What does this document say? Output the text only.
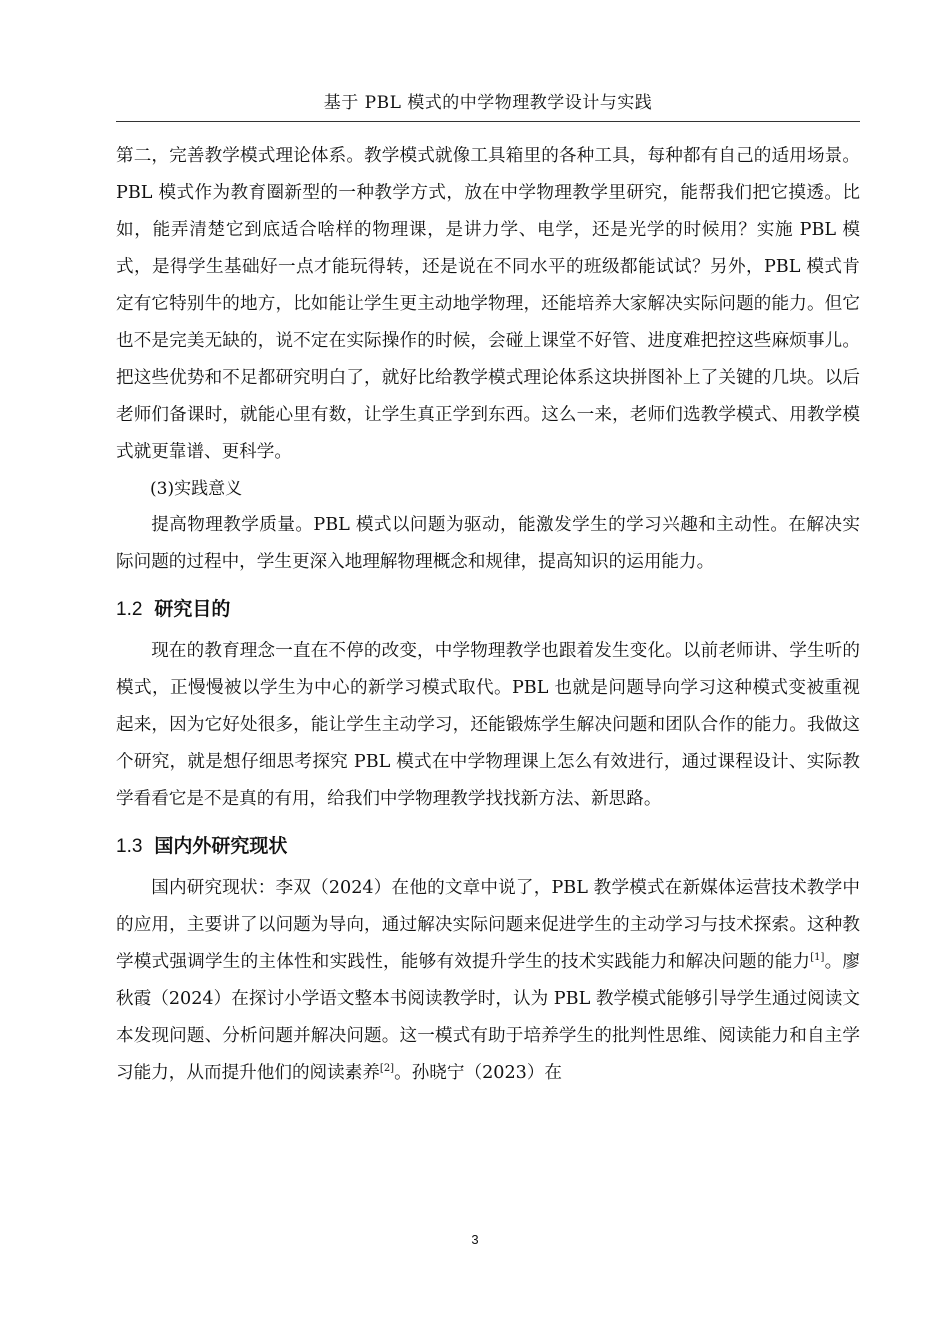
基于 PBL 模式的中学物理教学设计与实践

第二，完善教学模式理论体系。教学模式就像工具箱里的各种工具，每种都有自己的适用场景。PBL 模式作为教育圈新型的一种教学方式，放在中学物理教学里研究，能帮我们把它摸透。比如，能弄清楚它到底适合啥样的物理课，是讲力学、电学，还是光学的时候用？实施 PBL 模式，是得学生基础好一点才能玩得转，还是说在不同水平的班级都能试试？另外，PBL 模式肯定有它特别牛的地方，比如能让学生更主动地学物理，还能培养大家解决实际问题的能力。但它也不是完美无缺的，说不定在实际操作的时候，会碰上课堂不好管、进度难把控这些麻烦事儿。把这些优势和不足都研究明白了，就好比给教学模式理论体系这块拼图补上了关键的几块。以后老师们备课时，就能心里有数，让学生真正学到东西。这么一来，老师们选教学模式、用教学模式就更靠谱、更科学。

(3)实践意义

提高物理教学质量。PBL 模式以问题为驱动，能激发学生的学习兴趣和主动性。在解决实际问题的过程中，学生更深入地理解物理概念和规律，提高知识的运用能力。

1.2 研究目的

现在的教育理念一直在不停的改变，中学物理教学也跟着发生变化。以前老师讲、学生听的模式，正慢慢被以学生为中心的新学习模式取代。PBL 也就是问题导向学习这种模式变被重视起来，因为它好处很多，能让学生主动学习，还能锻炼学生解决问题和团队合作的能力。我做这个研究，就是想仔细思考探究 PBL 模式在中学物理课上怎么有效进行，通过课程设计、实际教学看看它是不是真的有用，给我们中学物理教学找找新方法、新思路。

1.3 国内外研究现状

国内研究现状：李双（2024）在他的文章中说了，PBL 教学模式在新媒体运营技术教学中的应用，主要讲了以问题为导向，通过解决实际问题来促进学生的主动学习与技术探索。这种教学模式强调学生的主体性和实践性，能够有效提升学生的技术实践能力和解决问题的能力[1]。廖秋霞（2024）在探讨小学语文整本书阅读教学时，认为 PBL 教学模式能够引导学生通过阅读文本发现问题、分析问题并解决问题。这一模式有助于培养学生的批判性思维、阅读能力和自主学习能力，从而提升他们的阅读素养[2]。孙晓宁（2023）在

3
